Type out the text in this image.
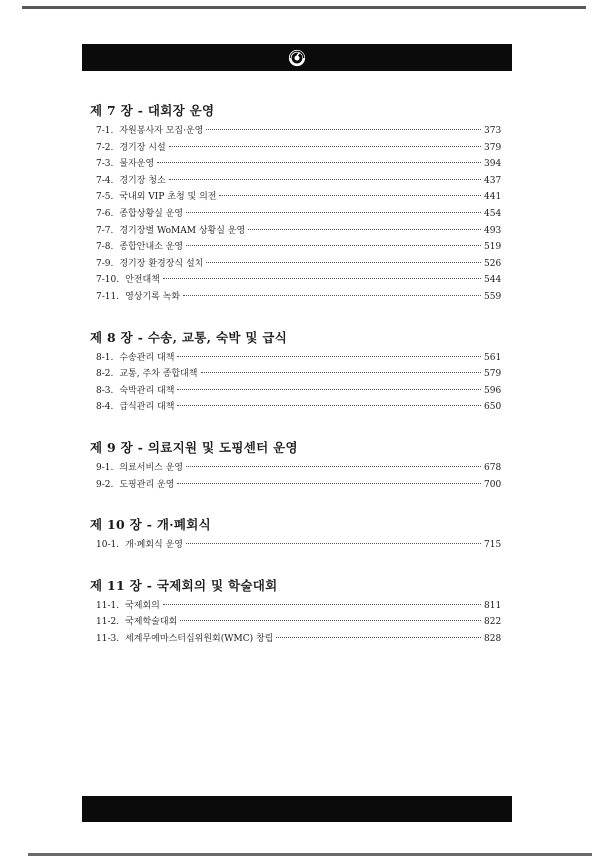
제 7 장 - 대회장 운영
7-1. 자원봉사자 모집·운영	373
7-2. 경기장 시설	379
7-3. 물자운영	394
7-4. 경기장 청소	437
7-5. 국내외 VIP 초청 및 의전	441
7-6. 종합상황실 운영	454
7-7. 경기장별 WoMAM 상황실 운영	493
7-8. 종합안내소 운영	519
7-9. 경기장 환경장식 설치	526
7-10. 안전대책	544
7-11. 영상기록 녹화	559
제 8 장 - 수송, 교통, 숙박 및 급식
8-1. 수송관리 대책	561
8-2. 교통, 주차 종합대책	579
8-3. 숙박관리 대책	596
8-4. 급식관리 대책	650
제 9 장 - 의료지원 및 도핑센터 운영
9-1. 의료서비스 운영	678
9-2. 도핑관리 운영	700
제 10 장 - 개·폐회식
10-1. 개·폐회식 운영	715
제 11 장 - 국제회의 및 학술대회
11-1. 국제회의	811
11-2. 국제학술대회	822
11-3. 세계무예마스터십위원회(WMC) 창립	828
